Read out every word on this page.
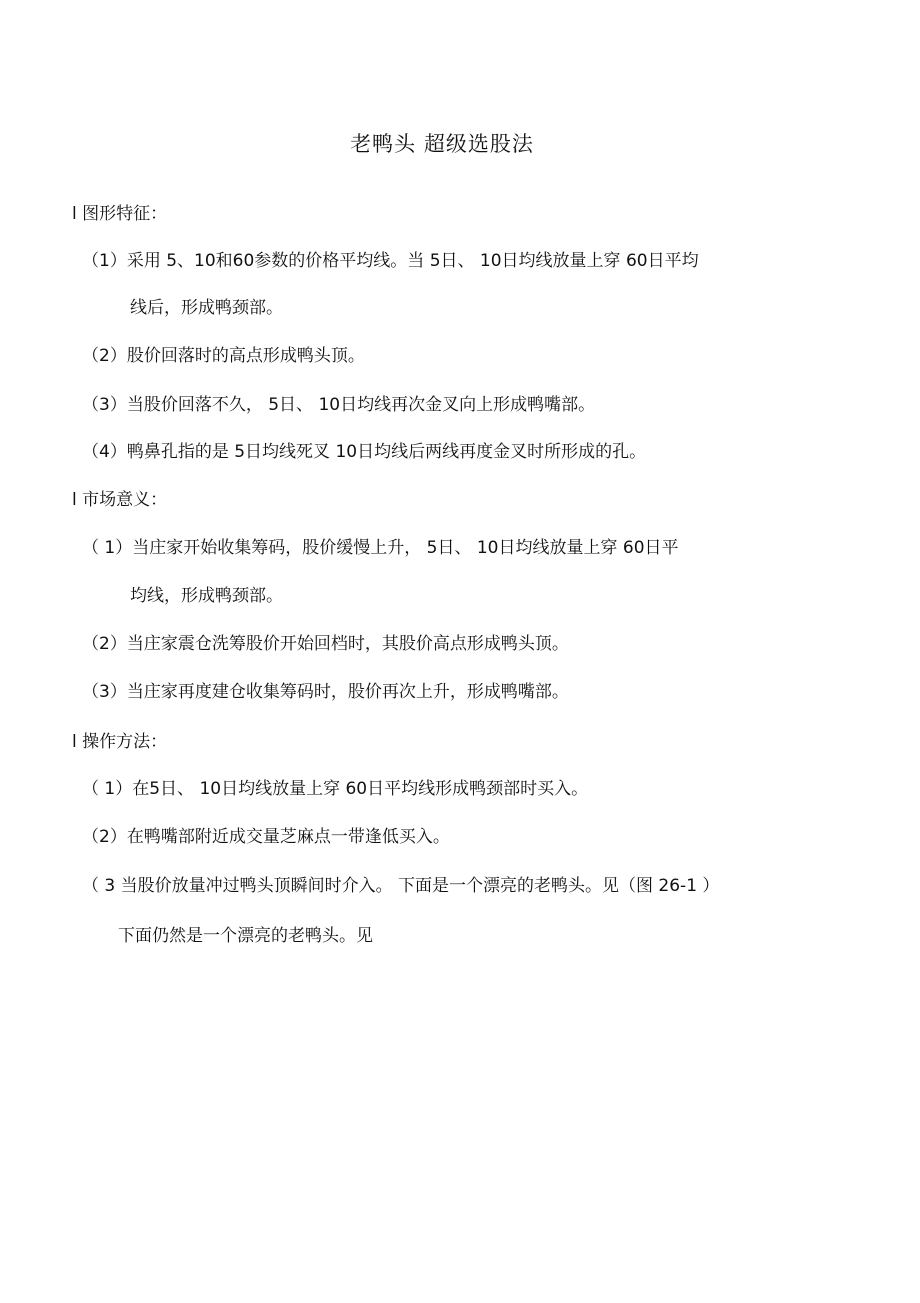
老鸭头 超级选股法
l 图形特征：
（1）采用 5、10和60参数的价格平均线。当 5日、 10日均线放量上穿 60日平均
线后，形成鸭颈部。
（2）股价回落时的高点形成鸭头顶。
（3）当股价回落不久， 5日、 10日均线再次金叉向上形成鸭嘴部。
（4）鸭鼻孔指的是 5日均线死叉 10日均线后两线再度金叉时所形成的孔。
l 市场意义：
（ 1）当庄家开始收集筹码，股价缓慢上升， 5日、 10日均线放量上穿 60日平
均线，形成鸭颈部。
（2）当庄家震仓洗筹股价开始回档时，其股价高点形成鸭头顶。
（3）当庄家再度建仓收集筹码时，股价再次上升，形成鸭嘴部。
l 操作方法：
（ 1）在5日、 10日均线放量上穿 60日平均线形成鸭颈部时买入。
（2）在鸭嘴部附近成交量芝麻点一带逢低买入。
（ 3 当股价放量冲过鸭头顶瞬间时介入。 下面是一个漂亮的老鸭头。见（图 26-1 ）
下面仍然是一个漂亮的老鸭头。见
